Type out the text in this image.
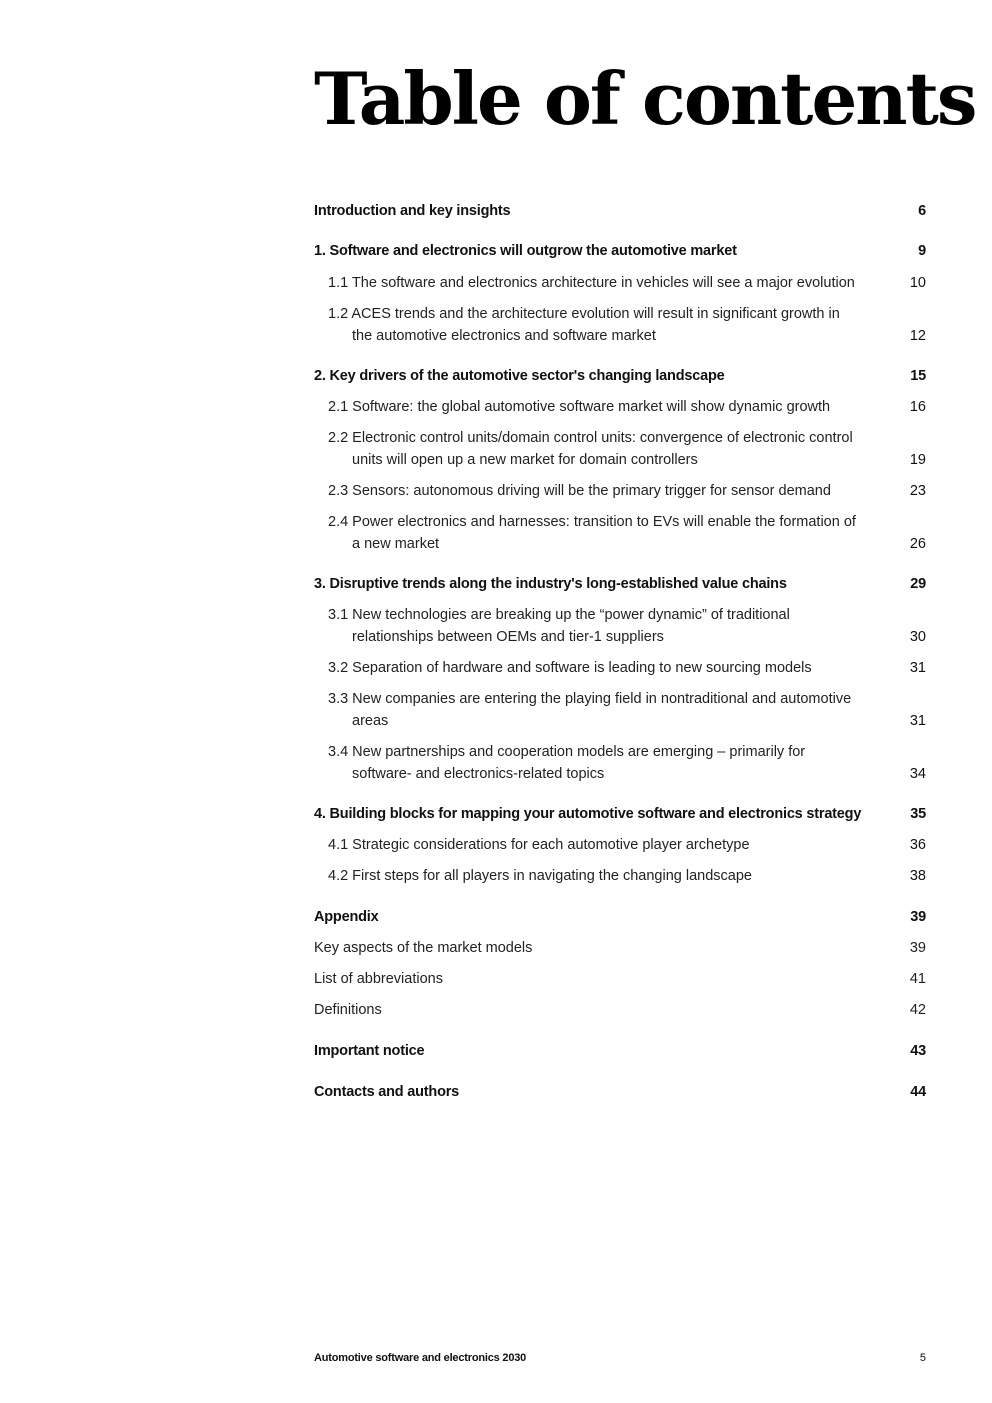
Table of contents
Introduction and key insights	6
1. Software and electronics will outgrow the automotive market	9
1.1 The software and electronics architecture in vehicles will see a major evolution	10
1.2 ACES trends and the architecture evolution will result in significant growth in the automotive electronics and software market	12
2. Key drivers of the automotive sector's changing landscape	15
2.1 Software: the global automotive software market will show dynamic growth	16
2.2 Electronic control units/domain control units: convergence of electronic control units will open up a new market for domain controllers	19
2.3 Sensors: autonomous driving will be the primary trigger for sensor demand	23
2.4 Power electronics and harnesses: transition to EVs will enable the formation of a new market	26
3. Disruptive trends along the industry's long-established value chains	29
3.1 New technologies are breaking up the “power dynamic” of traditional relationships between OEMs and tier-1 suppliers	30
3.2 Separation of hardware and software is leading to new sourcing models	31
3.3 New companies are entering the playing field in nontraditional and automotive areas	31
3.4 New partnerships and cooperation models are emerging – primarily for software- and electronics-related topics	34
4. Building blocks for mapping your automotive software and electronics strategy	35
4.1 Strategic considerations for each automotive player archetype	36
4.2 First steps for all players in navigating the changing landscape	38
Appendix	39
Key aspects of the market models	39
List of abbreviations	41
Definitions	42
Important notice	43
Contacts and authors	44
Automotive software and electronics 2030	5
